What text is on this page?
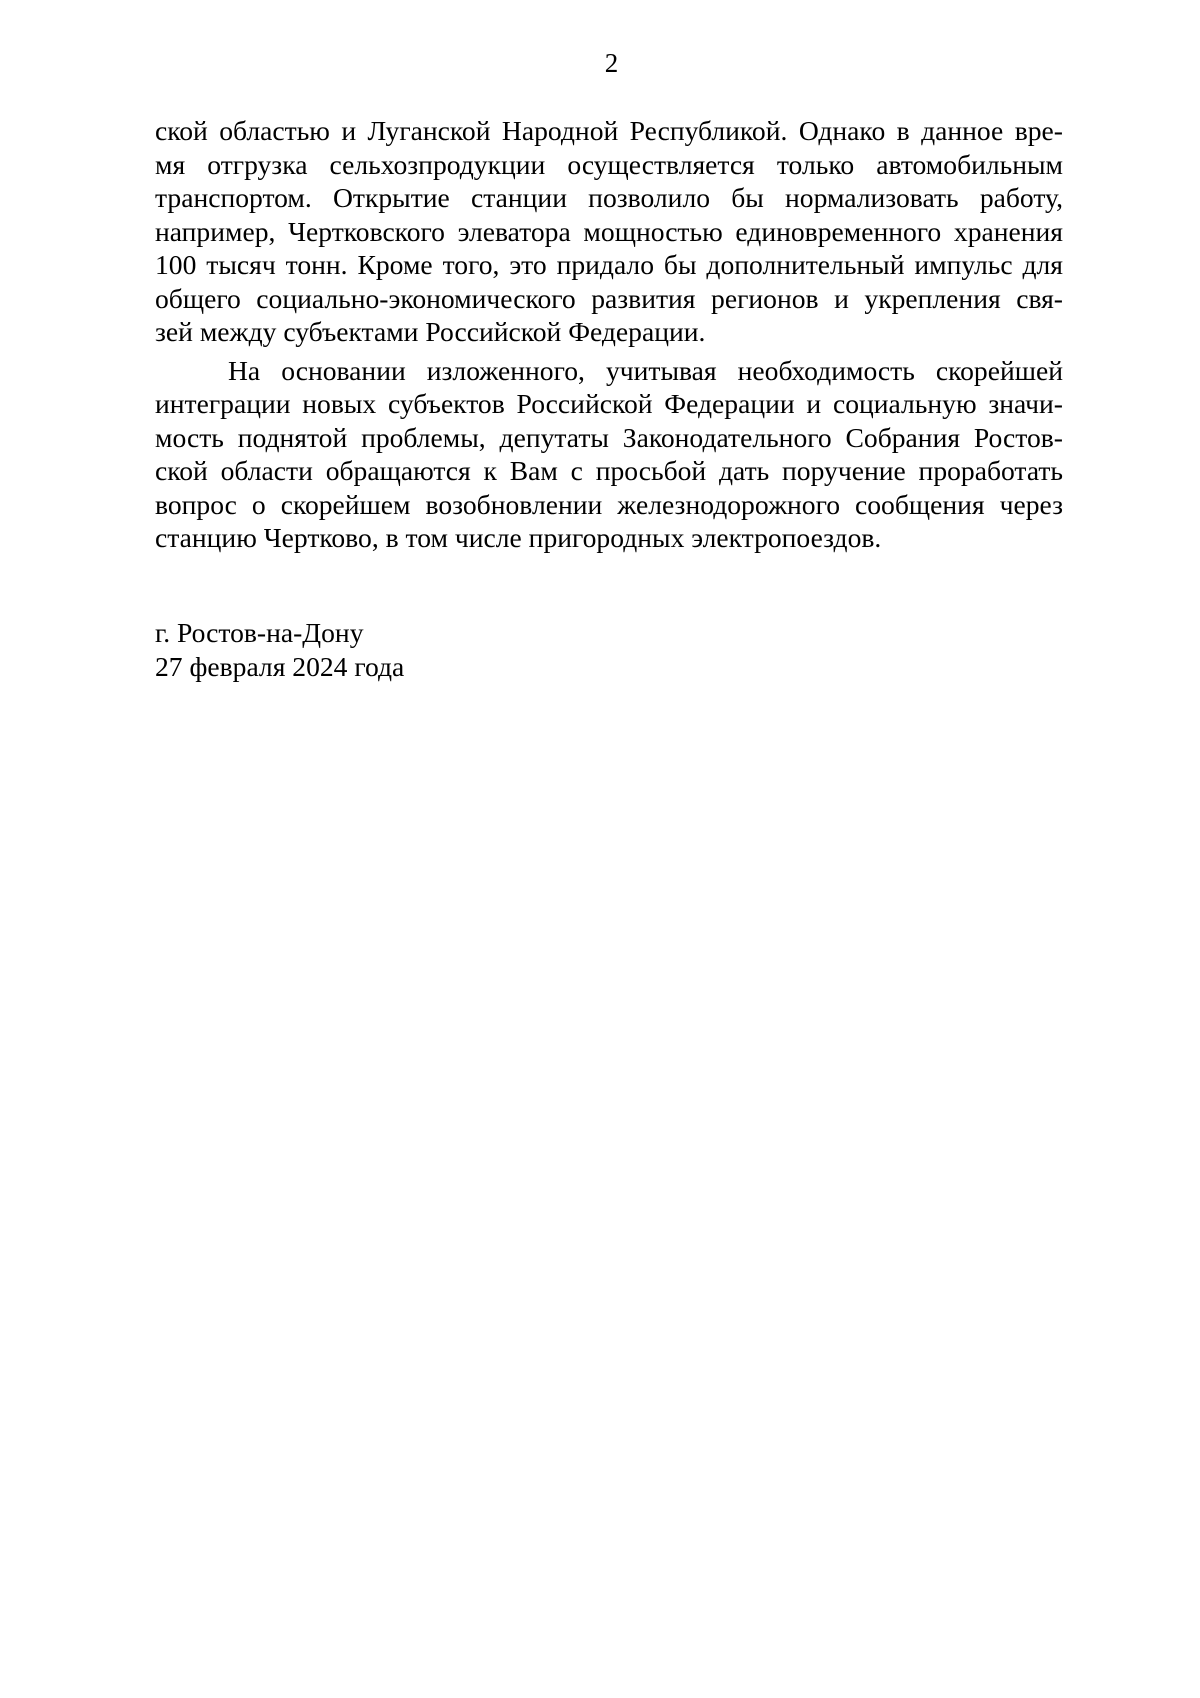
2
ской областью и Луганской Народной Республикой. Однако в данное вре-
мя отгрузка сельхозпродукции осуществляется только автомобильным
транспортом. Открытие станции позволило бы нормализовать работу,
например, Чертковского элеватора мощностью единовременного хранения
100 тысяч тонн. Кроме того, это придало бы дополнительный импульс для
общего социально-экономического развития регионов и укрепления свя-
зей между субъектами Российской Федерации.
На основании изложенного, учитывая необходимость скорейшей
интеграции новых субъектов Российской Федерации и социальную значи-
мость поднятой проблемы, депутаты Законодательного Собрания Ростов-
ской области обращаются к Вам с просьбой дать поручение проработать
вопрос о скорейшем возобновлении железнодорожного сообщения через
станцию Чертково, в том числе пригородных электропоездов.
г. Ростов-на-Дону
27 февраля 2024 года
